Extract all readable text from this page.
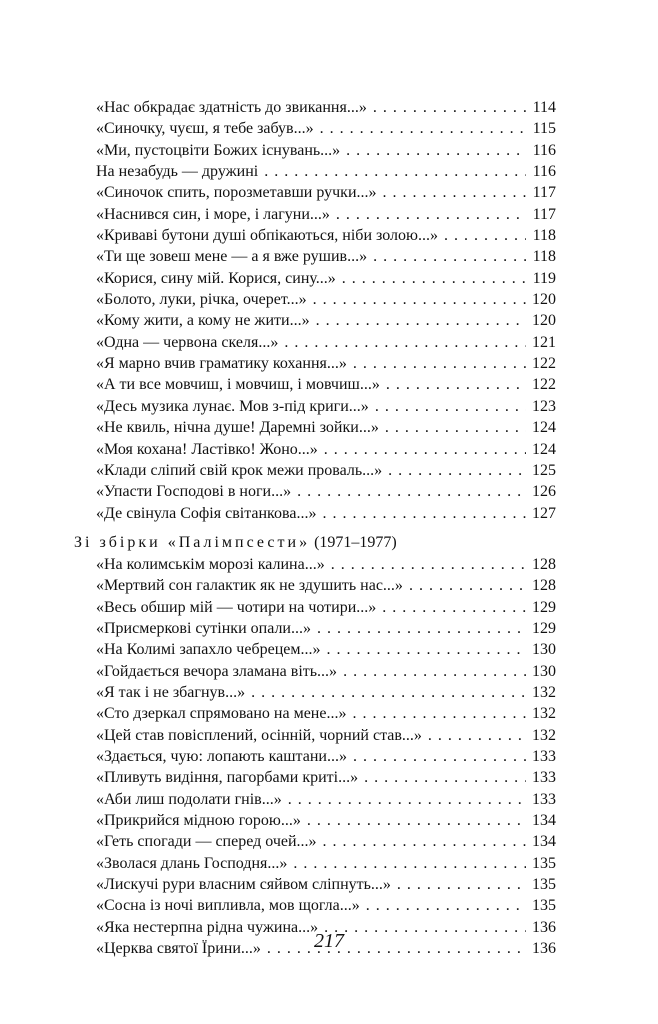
«Нас обкрадає здатність до звикання...» . . .	114
«Синочку, чуєш, я тебе забув...» . . .	115
«Ми, пустоцвіти Божих існувань...» . . .	116
На незабудь — дружині . . .	116
«Синочок спить, порозметавши ручки...» . . .	117
«Наснився син, і море, і лагуни...» . . .	117
«Криваві бутони душі обпікаються, ніби золою...» . . .	118
«Ти ще зовеш мене — а я вже рушив...» . . .	118
«Корися, сину мій. Корися, сину...» . . .	119
«Болото, луки, річка, очерет...» . . .	120
«Кому жити, а кому не жити...» . . .	120
«Одна — червона скеля...» . . .	121
«Я марно вчив граматику кохання...» . . .	122
«А ти все мовчиш, і мовчиш, і мовчиш...» . . .	122
«Десь музика лунає. Мов з-під криги...» . . .	123
«Не квиль, нічна душе! Даремні зойки...» . . .	124
«Моя кохана! Ластівко! Жоно...» . . .	124
«Клади сліпий свій крок межи проваль...» . . .	125
«Упасти Господові в ноги...» . . .	126
«Де свінула Софія світанкова...» . . .	127
Зі збірки «Палімпсести» (1971–1977)
«На колимськім морозі калина...» . . .	128
«Мертвий сон галактик як не здушить нас...» . . .	128
«Весь обшир мій — чотири на чотири...» . . .	129
«Присмеркові сутінки опали...» . . .	129
«На Колимі запахло чебрецем...» . . .	130
«Гойдається вечора зламана віть...» . . .	130
«Я так і не збагнув...» . . .	132
«Сто дзеркал спрямовано на мене...» . . .	132
«Цей став повісплений, осінній, чорний став...» . . .	132
«Здається, чую: лопають каштани...» . . .	133
«Пливуть видіння, пагорбами криті...» . . .	133
«Аби лиш подолати гнів...» . . .	133
«Прикрийся мідною горою...» . . .	134
«Геть спогади — сперед очей...» . . .	134
«Зволася длань Господня...» . . .	135
«Лискучі рури власним сяйвом сліпнуть...» . . .	135
«Сосна із ночі випливла, мов щогла...» . . .	135
«Яка нестерпна рідна чужина...» . . .	136
«Церква святої Їрини...» . . .	136
217
